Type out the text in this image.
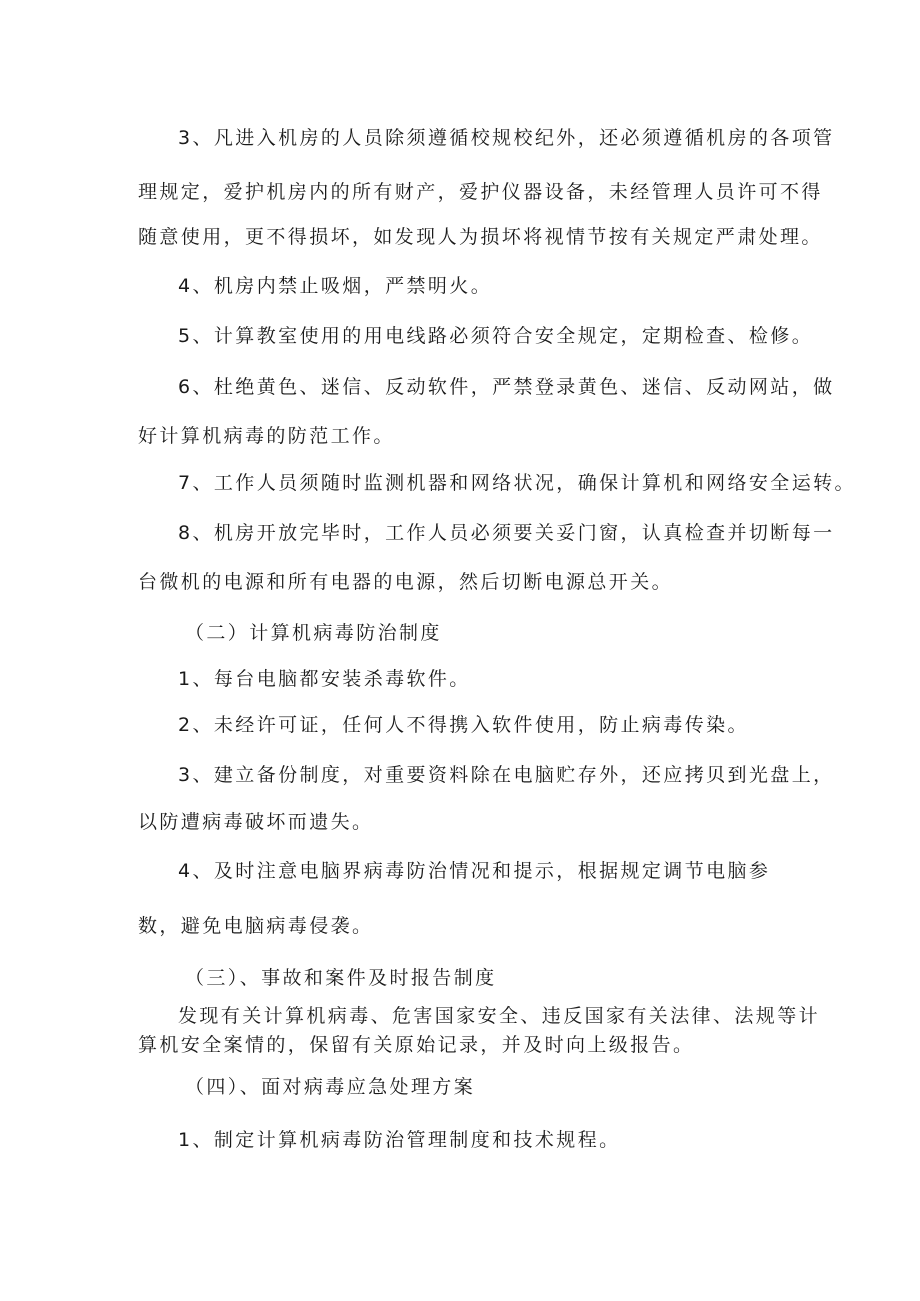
3、凡进入机房的人员除须遵循校规校纪外，还必须遵循机房的各项管
理规定，爱护机房内的所有财产，爱护仪器设备，未经管理人员许可不得
随意使用，更不得损坏，如发现人为损坏将视情节按有关规定严肃处理。
4、机房内禁止吸烟，严禁明火。
5、计算教室使用的用电线路必须符合安全规定，定期检查、检修。
6、杜绝黄色、迷信、反动软件，严禁登录黄色、迷信、反动网站，做
好计算机病毒的防范工作。
7、工作人员须随时监测机器和网络状况，确保计算机和网络安全运转。
8、机房开放完毕时，工作人员必须要关妥门窗，认真检查并切断每一
台微机的电源和所有电器的电源，然后切断电源总开关。
（二）计算机病毒防治制度
1、每台电脑都安装杀毒软件。
2、未经许可证，任何人不得携入软件使用，防止病毒传染。
3、建立备份制度，对重要资料除在电脑贮存外，还应拷贝到光盘上，
以防遭病毒破坏而遗失。
4、及时注意电脑界病毒防治情况和提示，根据规定调节电脑参
数，避免电脑病毒侵袭。
（三）、事故和案件及时报告制度
发现有关计算机病毒、危害国家安全、违反国家有关法律、法规等计
算机安全案情的，保留有关原始记录，并及时向上级报告。
（四）、面对病毒应急处理方案
1、制定计算机病毒防治管理制度和技术规程。
